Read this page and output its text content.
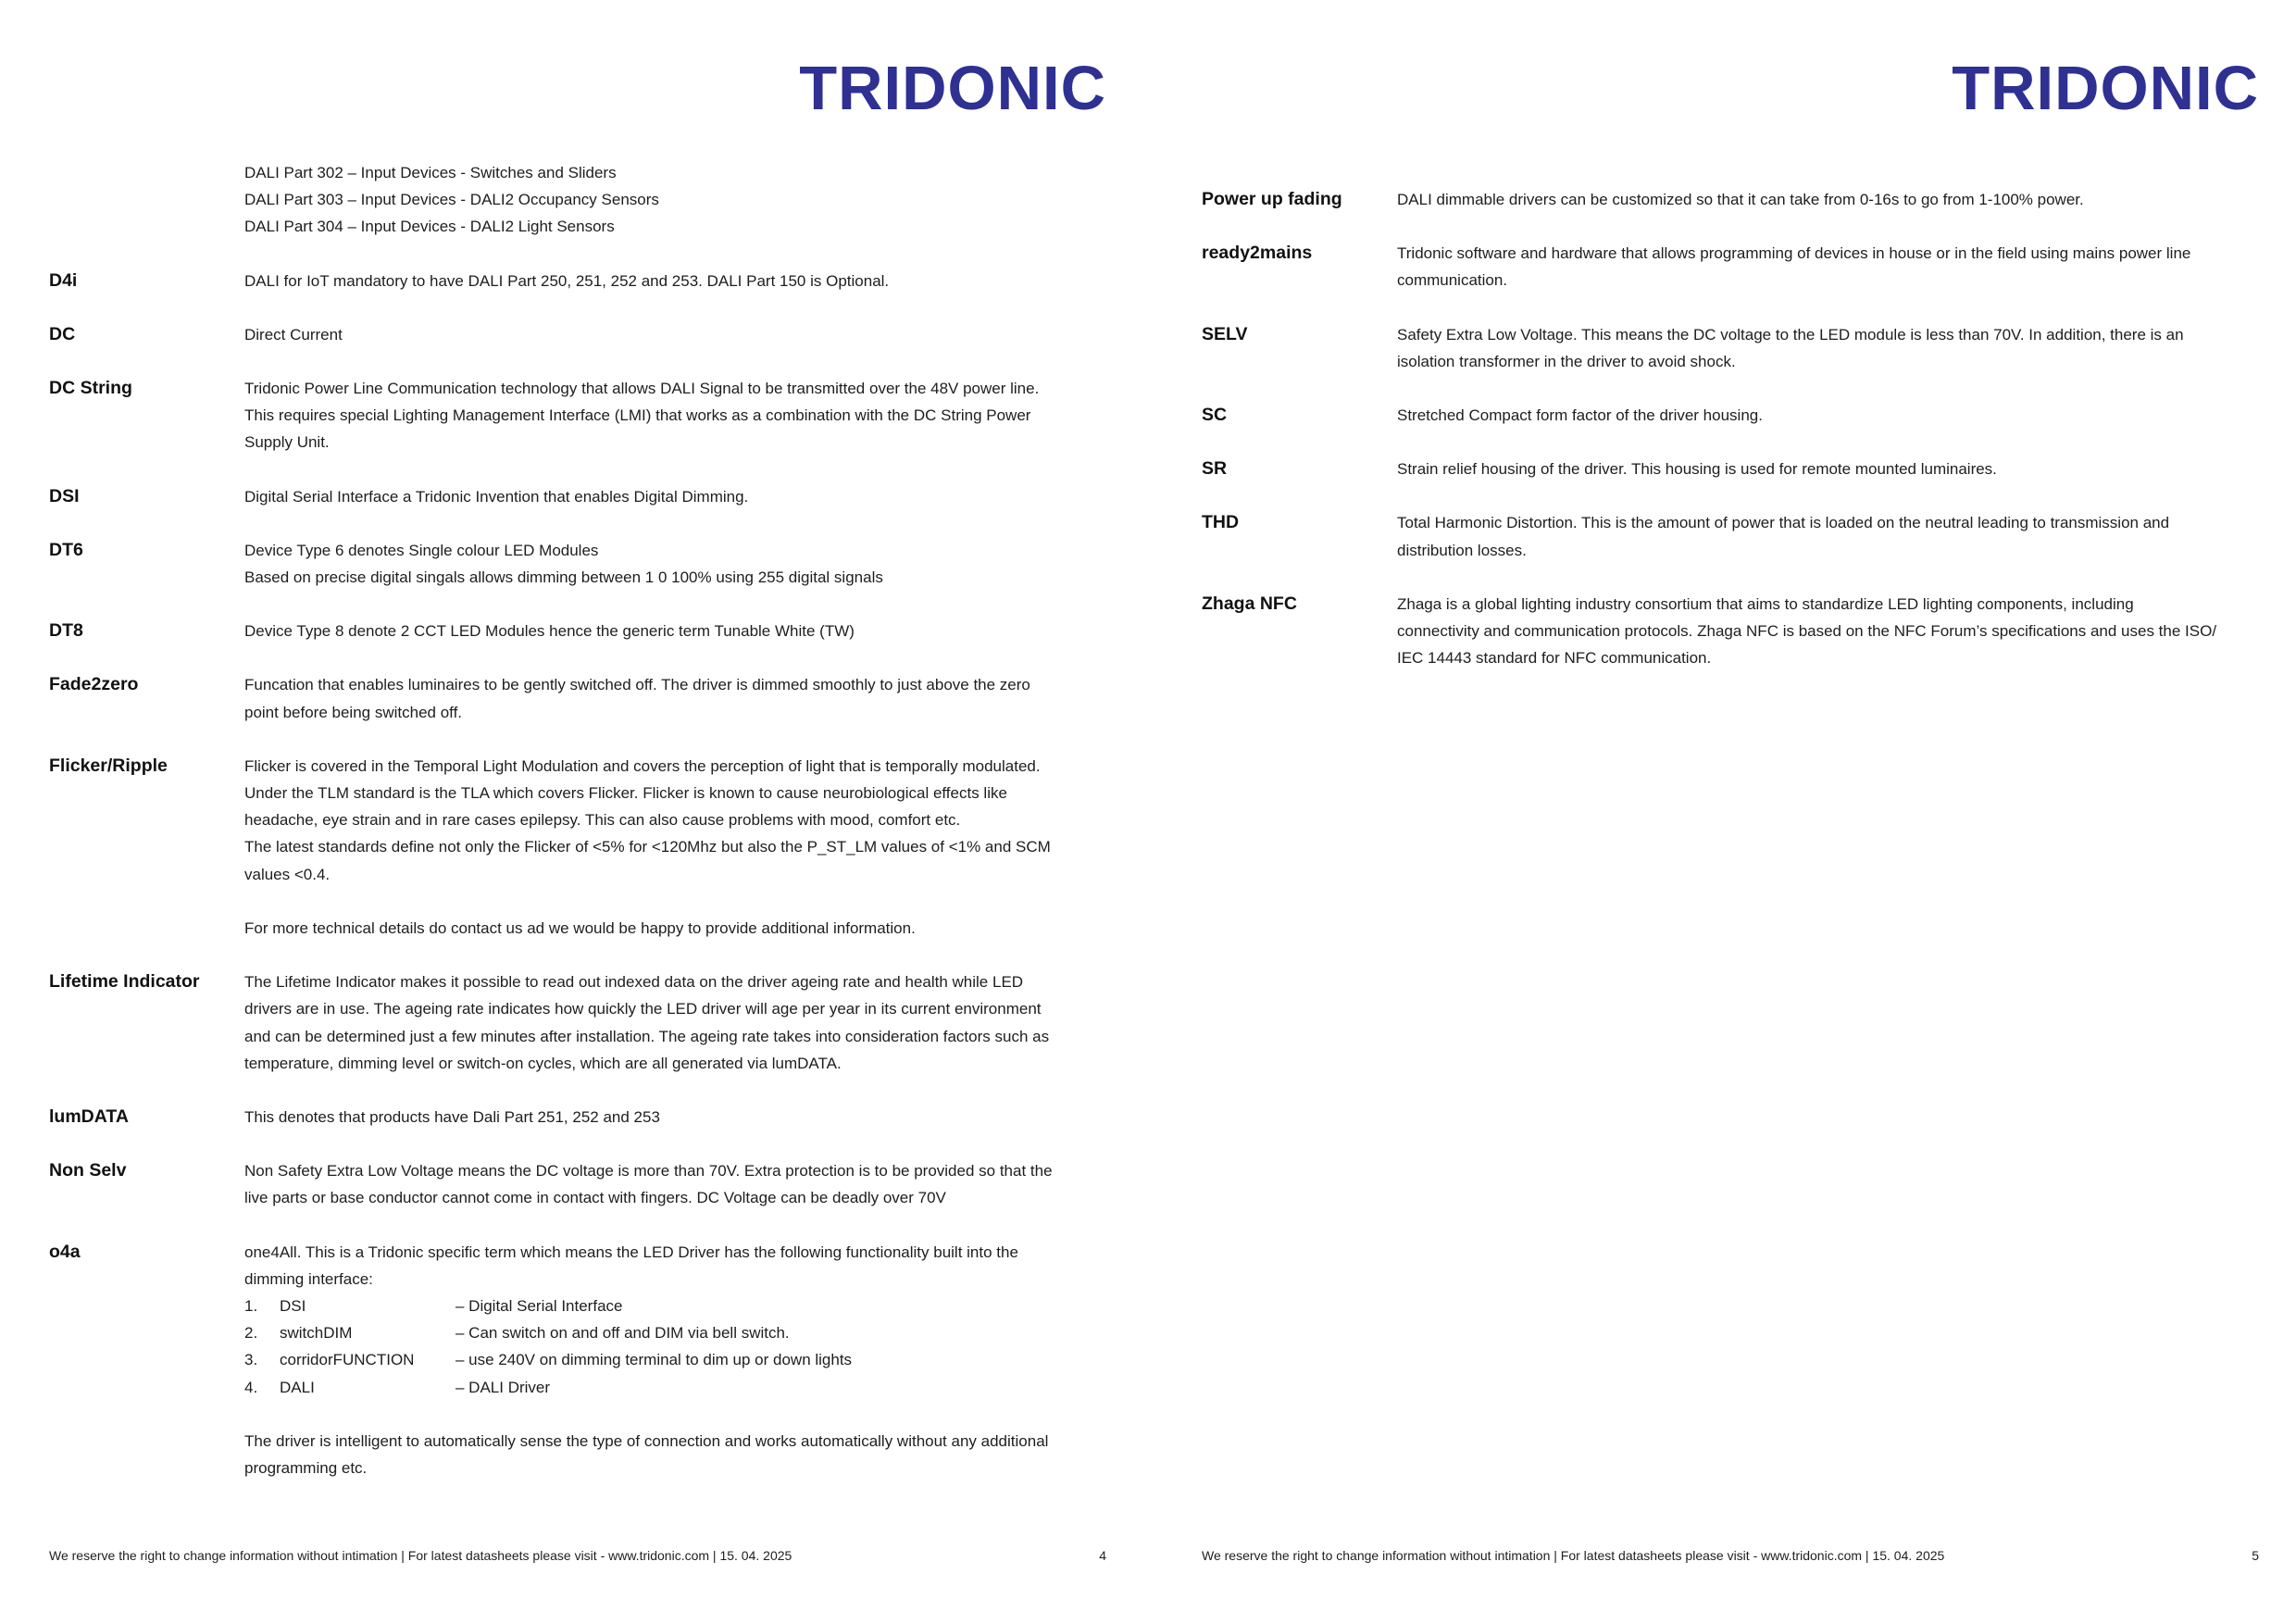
TRIDONIC

DALI Part 302 – Input Devices - Switches and Sliders

DALI Part 303 – Input Devices - DALI2 Occupancy Sensors

DALI Part 304 – Input Devices - DALI2 Light Sensors

D4i	DALI for IoT mandatory to have DALI Part 250, 251, 252 and 253. DALI Part 150 is Optional.

DC	Direct Current

DC String	Tridonic Power Line Communication technology that allows DALI Signal to be transmitted over the 48V power line.

This requires special Lighting Management Interface (LMI) that works as a combination with the DC String Power

Supply Unit.

DSI	Digital Serial Interface a Tridonic Invention that enables Digital Dimming.

DT6	Device Type 6 denotes Single colour LED Modules

Based on precise digital singals allows dimming between 1 0 100% using 255 digital signals

DT8	Device Type 8 denote 2 CCT LED Modules hence the generic term Tunable White (TW)

Fade2zero	Funcation that enables luminaires to be gently switched off. The driver is dimmed smoothly to just above the zero

point before being switched off.

Flicker/Ripple	Flicker is covered in the Temporal Light Modulation and covers the perception of light that is temporally modulated.

Under the TLM standard is the TLA which covers Flicker. Flicker is known to cause neurobiological effects like

headache, eye strain and in rare cases epilepsy. This can also cause problems with mood, comfort etc.

The latest standards define not only the Flicker of <5% for <120Mhz but also the P_ST_LM values of <1% and SCM

values <0.4.

For more technical details do contact us ad we would be happy to provide additional information.

Lifetime Indicator	The Lifetime Indicator makes it possible to read out indexed data on the driver ageing rate and health while LED

drivers are in use. The ageing rate indicates how quickly the LED driver will age per year in its current environment

and can be determined just a few minutes after installation. The ageing rate takes into consideration factors such as

temperature, dimming level or switch-on cycles, which are all generated via lumDATA.

lumDATA	This denotes that products have Dali Part 251, 252 and 253

Non Selv	Non Safety Extra Low Voltage means the DC voltage is more than 70V. Extra protection is to be provided so that the

live parts or base conductor cannot come in contact with fingers. DC Voltage can be deadly over 70V

o4a	one4All. This is a Tridonic specific term which means the LED Driver has the following functionality built into the

dimming interface:

1.	DSI	– Digital Serial Interface
2.	switchDIM	– Can switch on and off and DIM via bell switch.
3.	corridorFUNCTION	– use 240V on dimming terminal to dim up or down lights
4.	DALI	– DALI Driver

The driver is intelligent to automatically sense the type of connection and works automatically without any additional

programming etc.

We reserve the right to change information without intimation | For latest datasheets please visit - www.tridonic.com | 15. 04. 2025	4
TRIDONIC
Power up fading	DALI dimmable drivers can be customized so that it can take from 0-16s to go from 1-100% power.

ready2mains	Tridonic software and hardware that allows programming of devices in house or in the field using mains power line

communication.

SELV	Safety Extra Low Voltage. This means the DC voltage to the LED module is less than 70V. In addition, there is an

isolation transformer in the driver to avoid shock.

SC	Stretched Compact form factor of the driver housing.

SR	Strain relief housing of the driver. This housing is used for remote mounted luminaires.

THD	Total Harmonic Distortion. This is the amount of power that is loaded on the neutral leading to transmission and

distribution losses.

Zhaga NFC	Zhaga is a global lighting industry consortium that aims to standardize LED lighting components, including

connectivity and communication protocols. Zhaga NFC is based on the NFC Forum’s specifications and uses the ISO/

IEC 14443 standard for NFC communication.

We reserve the right to change information without intimation | For latest datasheets please visit - www.tridonic.com | 15. 04. 2025	5
